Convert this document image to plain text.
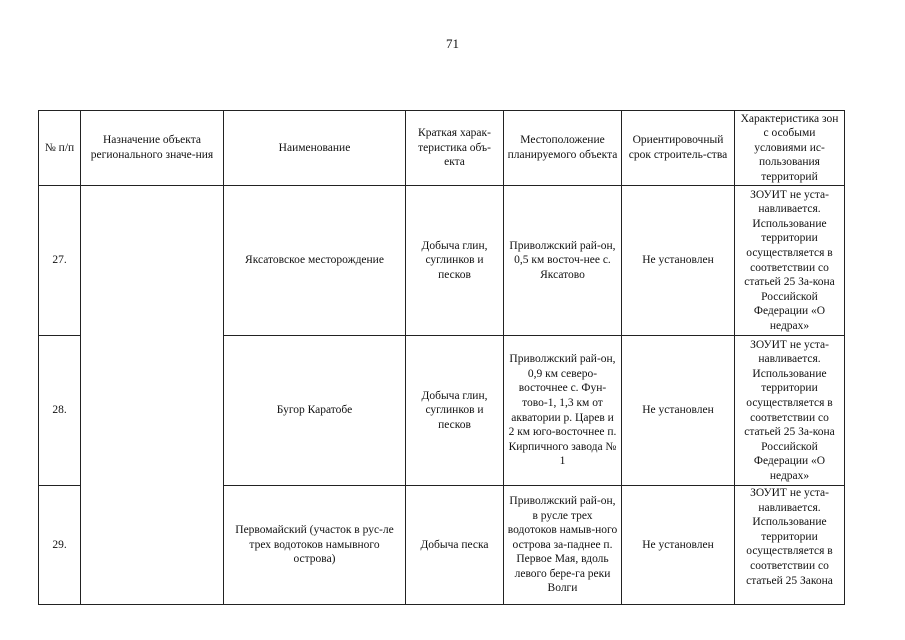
71
№ п/п	Назначение объекта регионального значе-ния	Наименование	Краткая харак-теристика объ-екта	Местоположение планируемого объекта	Ориентировочный срок строитель-ства	Характеристика зон с особыми условиями ис-пользования территорий
27.		Яксатовское месторождение	Добыча глин, суглинков и песков	Приволжский рай-он, 0,5 км восточ-нее с. Яксатово	Не установлен	ЗОУИТ не уста-навливается. Использование территории осуществляется в соответствии со статьей 25 За-кона Российской Федерации «О недрах»
28.		Бугор Каратобе	Добыча глин, суглинков и песков	Приволжский рай-он, 0,9 км северо-восточнее с. Фун-тово-1, 1,3 км от акватории р. Царев и 2 км юго-восточнее п. Кирпичного завода № 1	Не установлен	ЗОУИТ не уста-навливается. Использование территории осуществляется в соответствии со статьей 25 За-кона Российской Федерации «О недрах»
29.		Первомайский (участок в рус-ле трех водотоков намывного острова)	Добыча песка	Приволжский рай-он, в русле трех водотоков намыв-ного острова за-паднее п. Первое Мая, вдоль левого бере-га реки Волги	Не установлен	ЗОУИТ не уста-навливается. Использование территории осуществляется в соответствии со статьей 25 Закона
